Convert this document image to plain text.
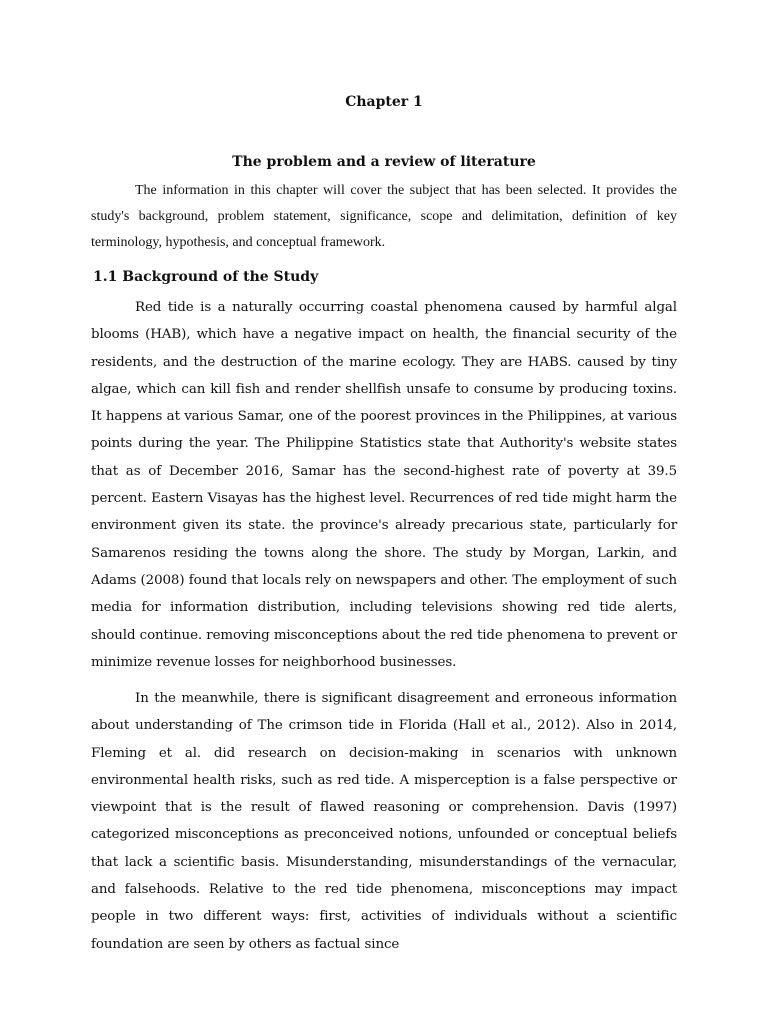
Chapter 1
The problem and a review of literature

The information in this chapter will cover the subject that has been selected. It provides the study's background, problem statement, significance, scope and delimitation, definition of key terminology, hypothesis, and conceptual framework.

1.1 Background of the Study

Red tide is a naturally occurring coastal phenomena caused by harmful algal blooms (HAB), which have a negative impact on health, the financial security of the residents, and the destruction of the marine ecology. They are HABS. caused by tiny algae, which can kill fish and render shellfish unsafe to consume by producing toxins. It happens at various Samar, one of the poorest provinces in the Philippines, at various points during the year. The Philippine Statistics state that Authority's website states that as of December 2016, Samar has the second-highest rate of poverty at 39.5 percent. Eastern Visayas has the highest level. Recurrences of red tide might harm the environment given its state. the province's already precarious state, particularly for Samarenos residing the towns along the shore. The study by Morgan, Larkin, and Adams (2008) found that locals rely on newspapers and other. The employment of such media for information distribution, including televisions showing red tide alerts, should continue. removing misconceptions about the red tide phenomena to prevent or minimize revenue losses for neighborhood businesses.

In the meanwhile, there is significant disagreement and erroneous information about understanding of The crimson tide in Florida (Hall et al., 2012). Also in 2014, Fleming et al. did research on decision-making in scenarios with unknown environmental health risks, such as red tide. A misperception is a false perspective or viewpoint that is the result of flawed reasoning or comprehension. Davis (1997) categorized misconceptions as preconceived notions, unfounded or conceptual beliefs that lack a scientific basis. Misunderstanding, misunderstandings of the vernacular, and falsehoods. Relative to the red tide phenomena, misconceptions may impact people in two different ways: first, activities of individuals without a scientific foundation are seen by others as factual since
